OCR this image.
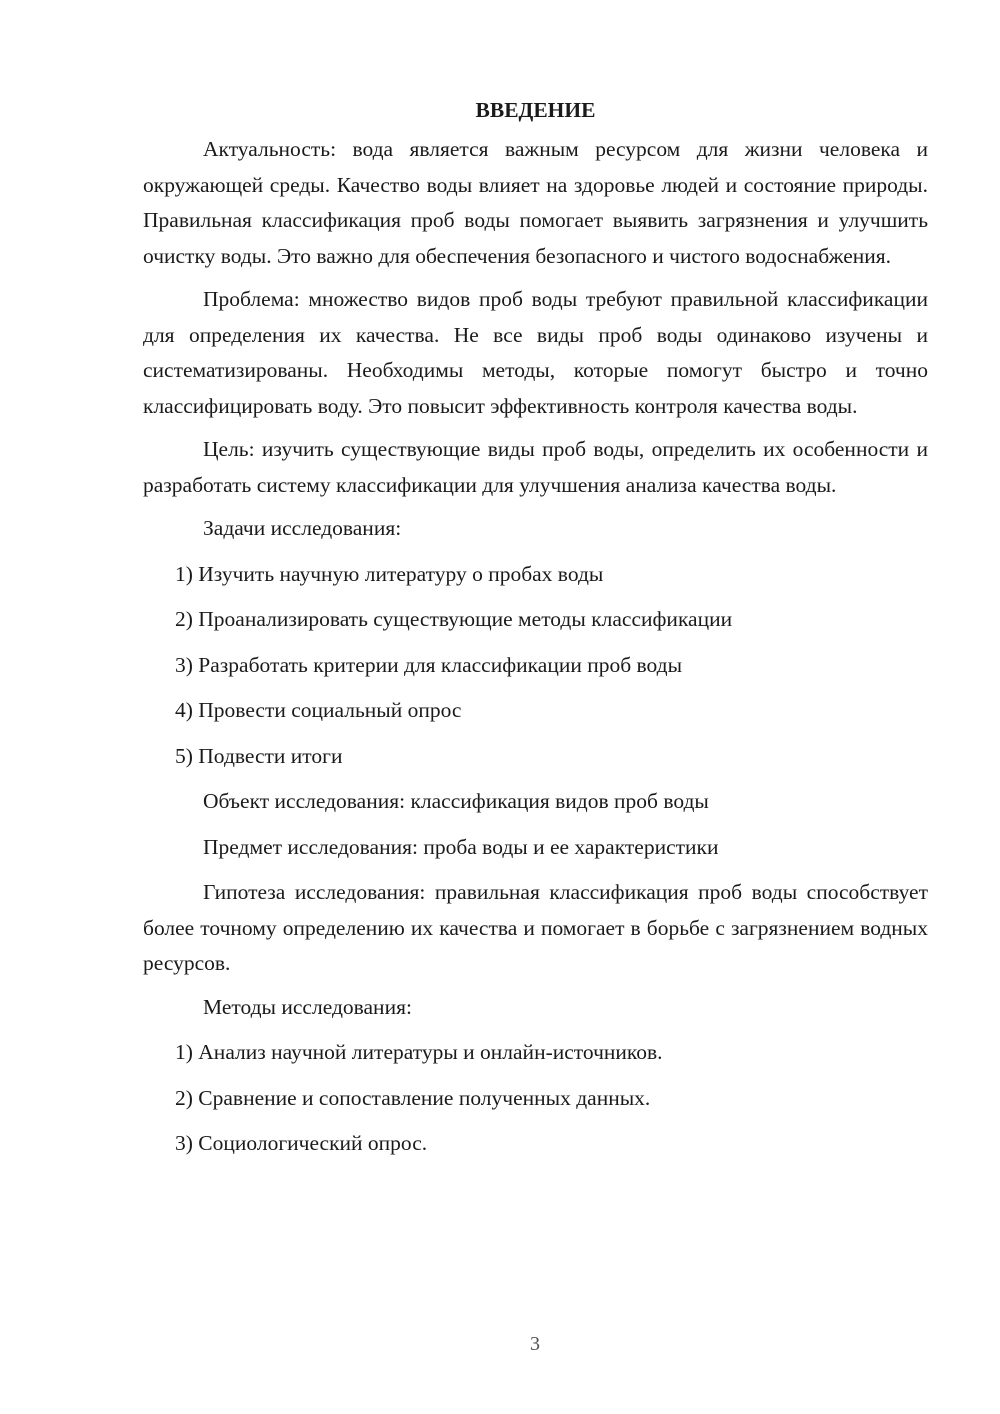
ВВЕДЕНИЕ

Актуальность: вода является важным ресурсом для жизни человека и окружающей среды. Качество воды влияет на здоровье людей и состояние природы. Правильная классификация проб воды помогает выявить загрязнения и улучшить очистку воды. Это важно для обеспечения безопасного и чистого водоснабжения.

Проблема: множество видов проб воды требуют правильной классификации для определения их качества. Не все виды проб воды одинаково изучены и систематизированы. Необходимы методы, которые помогут быстро и точно классифицировать воду. Это повысит эффективность контроля качества воды.

Цель: изучить существующие виды проб воды, определить их особенности и разработать систему классификации для улучшения анализа качества воды.

Задачи исследования:

1) Изучить научную литературу о пробах воды

2) Проанализировать существующие методы классификации

3) Разработать критерии для классификации проб воды

4) Провести социальный опрос

5) Подвести итоги

Объект исследования: классификация видов проб воды

Предмет исследования: проба воды и ее характеристики

Гипотеза исследования: правильная классификация проб воды способствует более точному определению их качества и помогает в борьбе с загрязнением водных ресурсов.

Методы исследования:

1) Анализ научной литературы и онлайн-источников.

2) Сравнение и сопоставление полученных данных.

3) Социологический опрос.

3
